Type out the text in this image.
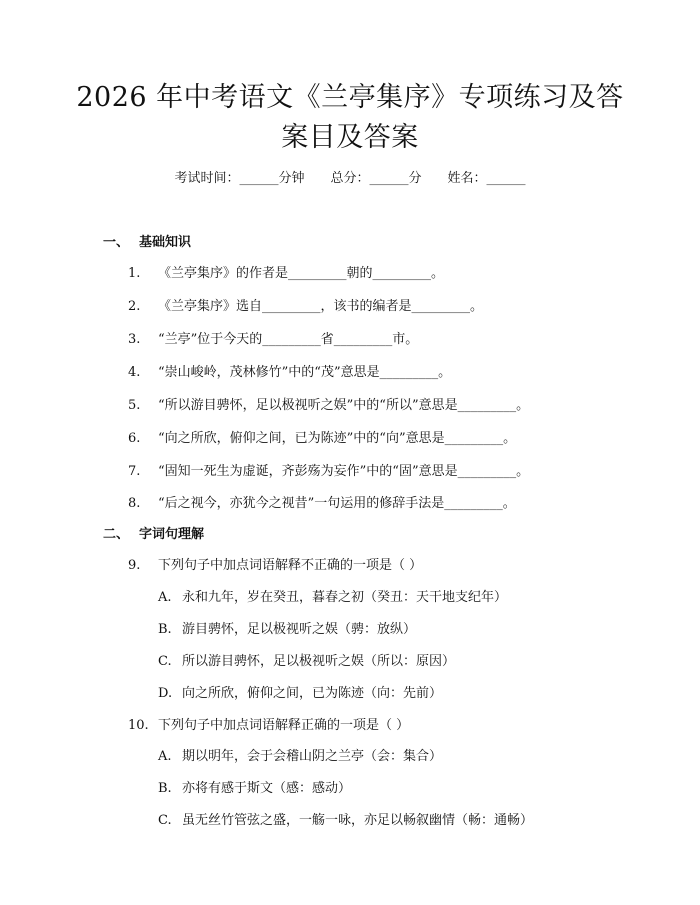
2026 年中考语文《兰亭集序》专项练习及答
案目及答案
考试时间：______分钟 总分：______分 姓名：______
一、 基础知识
1. 《兰亭集序》的作者是_________朝的_________。
2. 《兰亭集序》选自_________，该书的编者是_________。
3. “兰亭”位于今天的_________省_________市。
4. “崇山峻岭，茂林修竹”中的“茂”意思是_________。
5. “所以游目骋怀，足以极视听之娱”中的“所以”意思是_________。
6. “向之所欣，俯仰之间，已为陈迹”中的“向”意思是_________。
7. “固知一死生为虚诞，齐彭殇为妄作”中的“固”意思是_________。
8. “后之视今，亦犹今之视昔”一句运用的修辞手法是_________。
二、 字词句理解
9. 下列句子中加点词语解释不正确的一项是（ ）
A. 永和九年，岁在癸丑，暮春之初（癸丑：天干地支纪年）
B. 游目骋怀，足以极视听之娱（骋：放纵）
C. 所以游目骋怀，足以极视听之娱（所以：原因）
D. 向之所欣，俯仰之间，已为陈迹（向：先前）
10. 下列句子中加点词语解释正确的一项是（ ）
A. 期以明年，会于会稽山阴之兰亭（会：集合）
B. 亦将有感于斯文（感：感动）
C. 虽无丝竹管弦之盛，一觞一咏，亦足以畅叙幽情（畅：通畅）
